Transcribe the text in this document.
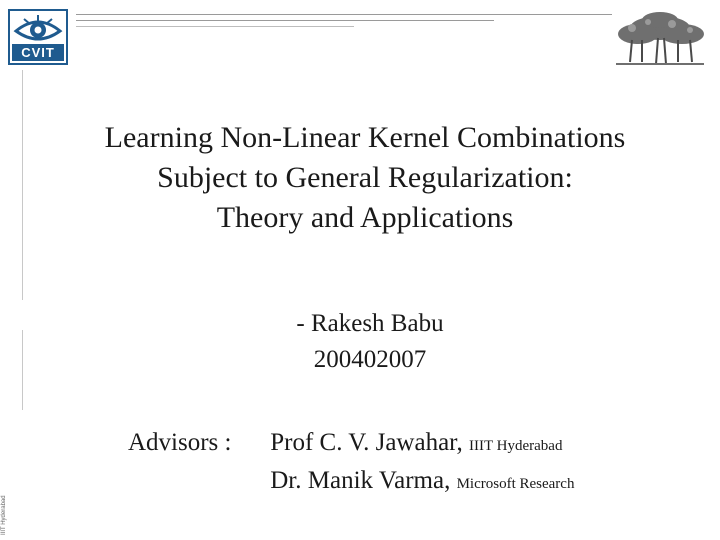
CVIT
Learning Non-Linear Kernel Combinations
Subject to General Regularization:
Theory and Applications
- Rakesh Babu
200402007
Advisors : Prof C. V. Jawahar, IIIT Hyderabad
Dr. Manik Varma, Microsoft Research
IIIT Hyderabad
